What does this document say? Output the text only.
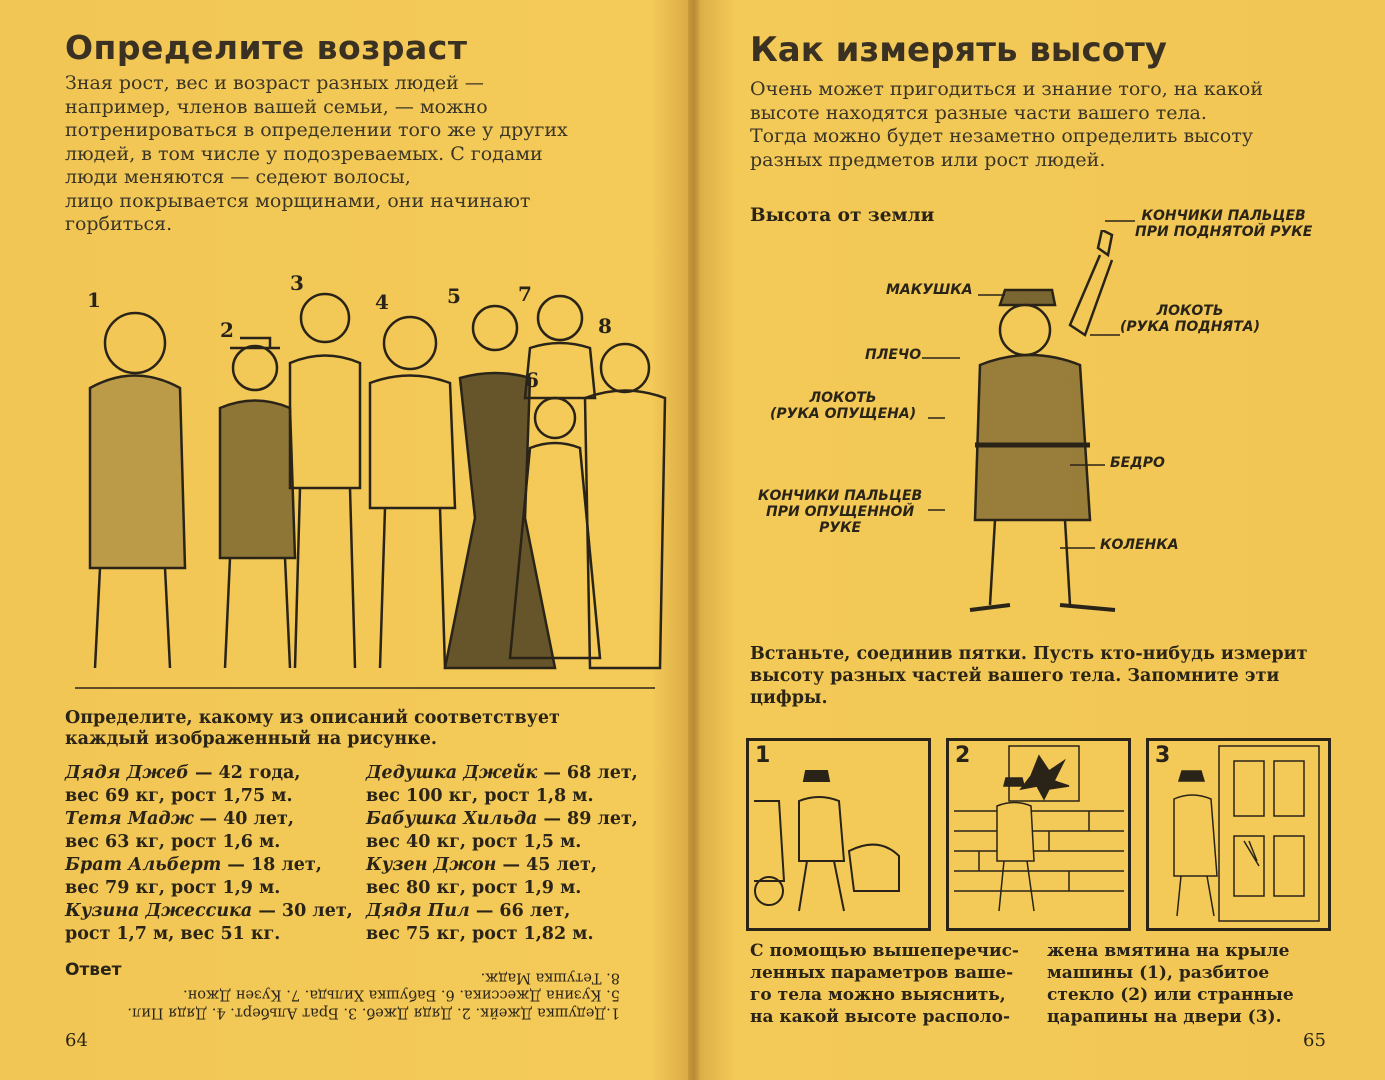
Определите возраст
Зная рост, вес и возраст разных людей —
например, членов вашей семьи, — можно
потренироваться в определении того же у других
людей, в том числе у подозреваемых. С годами
люди меняются — седеют волосы,
лицо покрывается морщинами, они начинают
горбиться.
1
2
3
4	5
6
7
8
Определите, какому из описаний соответствует
каждый изображенный на рисунке.
Дядя Джеб — 42 года,
вес 69 кг, рост 1,75 м.
Тетя Мадж — 40 лет,
вес 63 кг, рост 1,6 м.
Брат Альберт — 18 лет,
вес 79 кг, рост 1,9 м.
Кузина Джессика — 30 лет,
рост 1,7 м, вес 51 кг.
Дедушка Джейк — 68 лет,
вес 100 кг, рост 1,8 м.
Бабушка Хильда — 89 лет,
вес 40 кг, рост 1,5 м.
Кузен Джон — 45 лет,
вес 80 кг, рост 1,9 м.
Дядя Пил — 66 лет,
вес 75 кг, рост 1,82 м.
Ответ
1.Дедушка Джейк. 2. Дядя Джеб. 3. Брат Альберт. 4. Дядя Пил.
5. Кузина Джессика. 6. Бабушка Хильда. 7. Кузен Джон.
8. Тетушка Мадж.
64
Как измерять высоту
Очень может пригодиться и знание того, на какой
высоте находятся разные части вашего тела.
Тогда можно будет незаметно определить высоту
разных предметов или рост людей.
Высота от земли	КОНЧИКИ ПАЛЬЦЕВ
ПРИ ПОДНЯТОЙ РУКЕ
МАКУШКА
ЛОКОТЬ
(РУКА ПОДНЯТА)
ПЛЕЧО
ЛОКОТЬ
(РУКА ОПУЩЕНА)
БЕДРО
КОНЧИКИ ПАЛЬЦЕВ
ПРИ ОПУЩЕННОЙ
РУКЕ
КОЛЕНКА
Встаньте, соединив пятки. Пусть кто-нибудь измерит
высоту разных частей вашего тела. Запомните эти
цифры.
1	2	3
С помощью вышеперечис-
ленных параметров ваше-
го тела можно выяснить,
на какой высоте располо-
жена вмятина на крыле
машины (1), разбитое
стекло (2) или странные
царапины на двери (3).
65
